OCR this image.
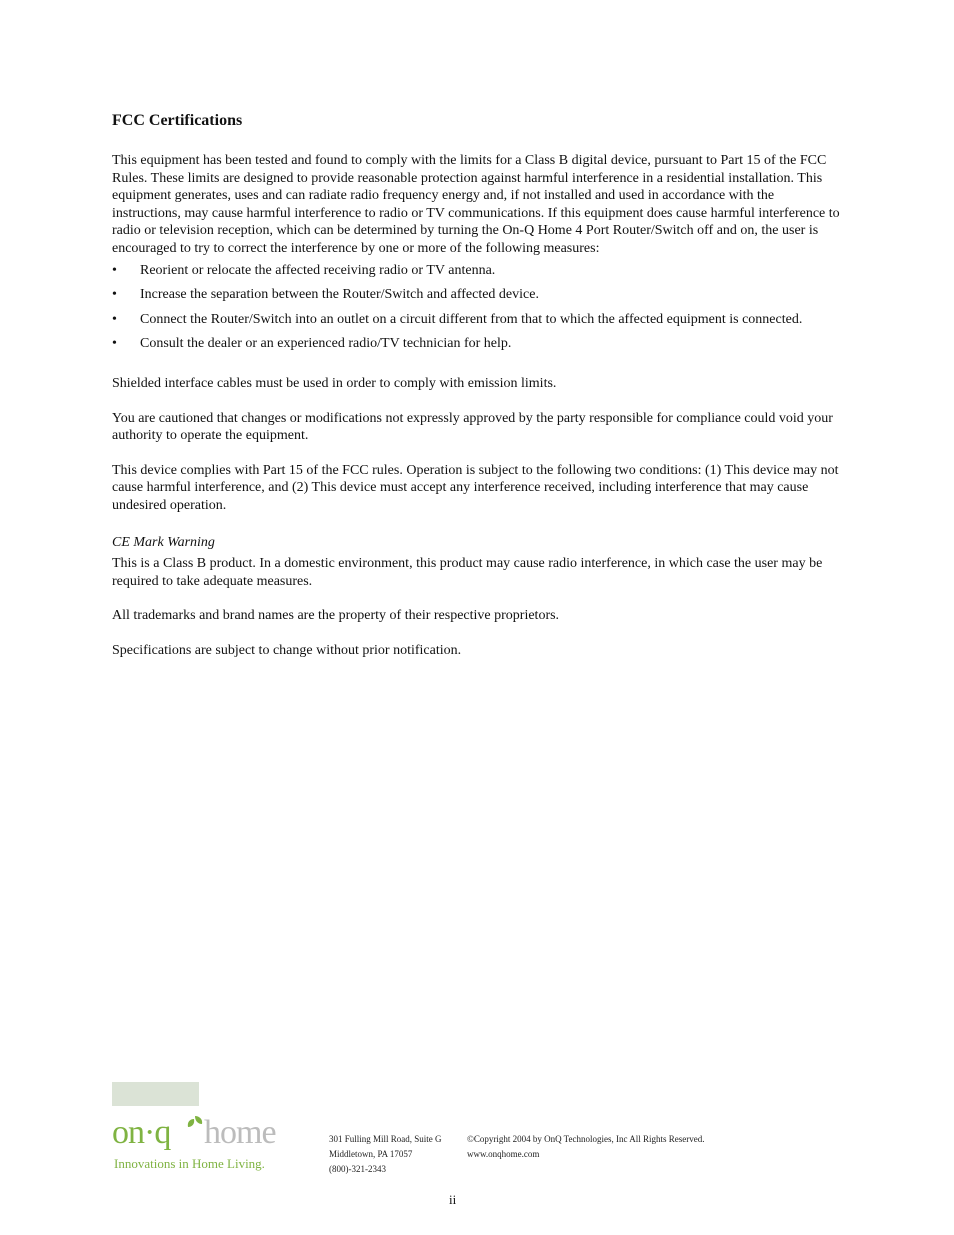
FCC Certifications

This equipment has been tested and found to comply with the limits for a Class B digital device, pursuant to Part 15 of the FCC Rules. These limits are designed to provide reasonable protection against harmful interference in a residential installation. This equipment generates, uses and can radiate radio frequency energy and, if not installed and used in accordance with the instructions, may cause harmful interference to radio or TV communications. If this equipment does cause harmful interference to radio or television reception, which can be determined by turning the On-Q Home 4 Port Router/Switch off and on, the user is encouraged to try to correct the interference by one or more of the following measures:

• Reorient or relocate the affected receiving radio or TV antenna.
• Increase the separation between the Router/Switch and affected device.
• Connect the Router/Switch into an outlet on a circuit different from that to which the affected equipment is connected.
• Consult the dealer or an experienced radio/TV technician for help.

Shielded interface cables must be used in order to comply with emission limits.

You are cautioned that changes or modifications not expressly approved by the party responsible for compliance could void your authority to operate the equipment.

This device complies with Part 15 of the FCC rules. Operation is subject to the following two conditions: (1) This device may not cause harmful interference, and (2) This device must accept any interference received, including interference that may cause undesired operation.

CE Mark Warning

This is a Class B product. In a domestic environment, this product may cause radio interference, in which case the user may be required to take adequate measures.

All trademarks and brand names are the property of their respective proprietors.

Specifications are subject to change without prior notification.

on·q home
Innovations in Home Living.
301 Fulling Mill Road, Suite G
Middletown, PA 17057
(800)-321-2343
©Copyright 2004 by OnQ Technologies, Inc All Rights Reserved.
www.onqhome.com
ii
